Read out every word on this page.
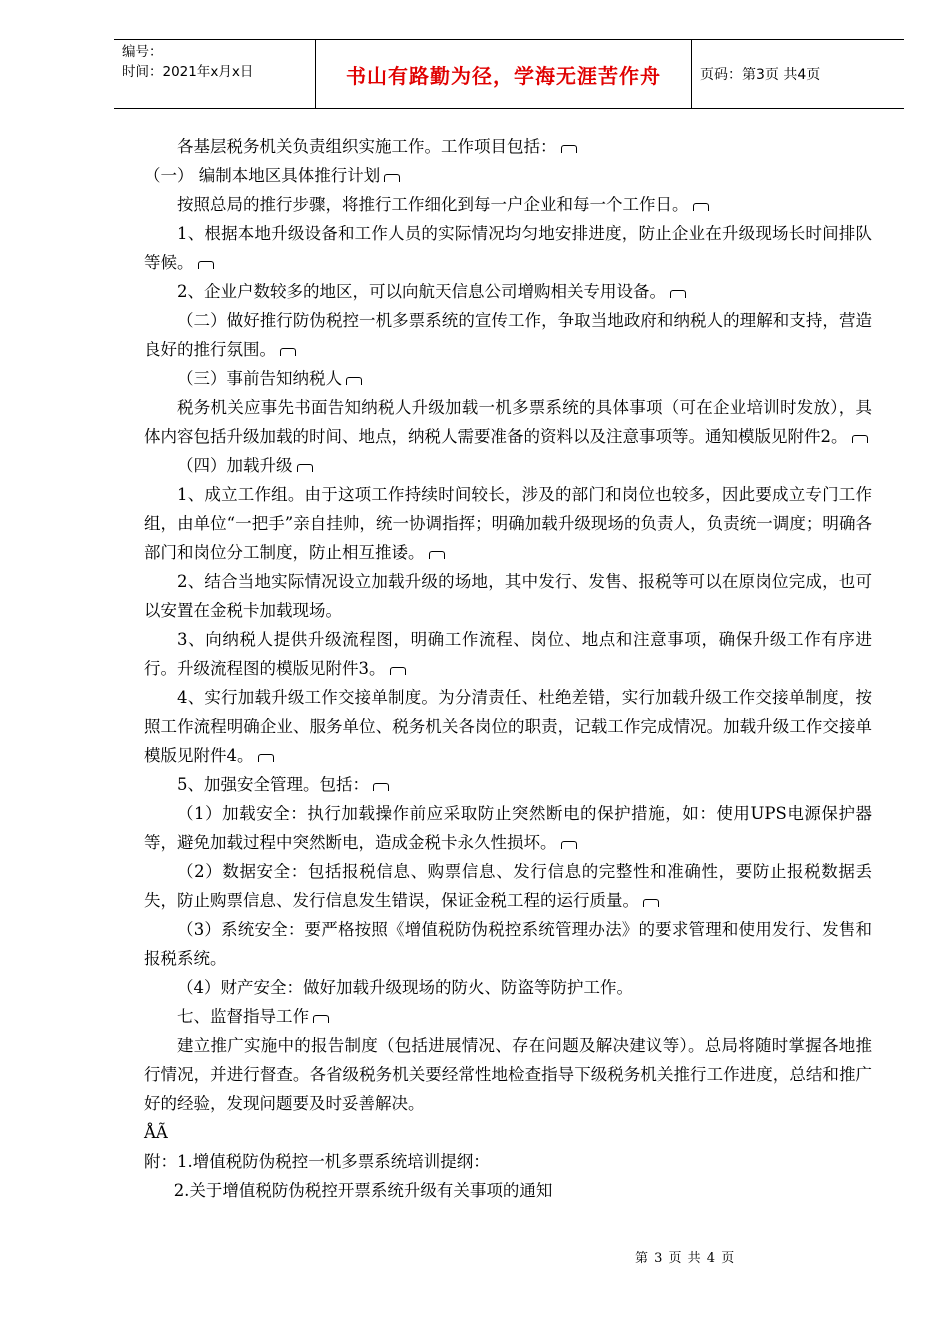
编号：
时间：2021年x月x日	书山有路勤为径，学海无涯苦作舟	页码：第3页 共4页

各基层税务机关负责组织实施工作。工作项目包括：

（一） 编制本地区具体推行计划

按照总局的推行步骤，将推行工作细化到每一户企业和每一个工作日。

1、根据本地升级设备和工作人员的实际情况均匀地安排进度，防止企业在升级现场长时间排队等候。

2、企业户数较多的地区，可以向航天信息公司增购相关专用设备。

（二）做好推行防伪税控一机多票系统的宣传工作，争取当地政府和纳税人的理解和支持，营造良好的推行氛围。

（三）事前告知纳税人

税务机关应事先书面告知纳税人升级加载一机多票系统的具体事项（可在企业培训时发放），具体内容包括升级加载的时间、地点，纳税人需要准备的资料以及注意事项等。通知模版见附件2。

（四）加载升级

1、成立工作组。由于这项工作持续时间较长，涉及的部门和岗位也较多，因此要成立专门工作组，由单位“一把手”亲自挂帅，统一协调指挥；明确加载升级现场的负责人，负责统一调度；明确各部门和岗位分工制度，防止相互推诿。

2、结合当地实际情况设立加载升级的场地，其中发行、发售、报税等可以在原岗位完成，也可以安置在金税卡加载现场。

3、向纳税人提供升级流程图，明确工作流程、岗位、地点和注意事项，确保升级工作有序进行。升级流程图的模版见附件3。

4、实行加载升级工作交接单制度。为分清责任、杜绝差错，实行加载升级工作交接单制度，按照工作流程明确企业、服务单位、税务机关各岗位的职责，记载工作完成情况。加载升级工作交接单模版见附件4。

5、加强安全管理。包括：

（1）加载安全：执行加载操作前应采取防止突然断电的保护措施，如：使用UPS电源保护器等，避免加载过程中突然断电，造成金税卡永久性损坏。

（2）数据安全：包括报税信息、购票信息、发行信息的完整性和准确性，要防止报税数据丢失，防止购票信息、发行信息发生错误，保证金税工程的运行质量。

（3）系统安全：要严格按照《增值税防伪税控系统管理办法》的要求管理和使用发行、发售和报税系统。

（4）财产安全：做好加载升级现场的防火、防盗等防护工作。

七、监督指导工作

建立推广实施中的报告制度（包括进展情况、存在问题及解决建议等）。总局将随时掌握各地推行情况，并进行督查。各省级税务机关要经常性地检查指导下级税务机关推行工作进度，总结和推广好的经验，发现问题要及时妥善解决。

ÅÃ

附：1.增值税防伪税控一机多票系统培训提纲：

2.关于增值税防伪税控开票系统升级有关事项的通知

第 3 页 共 4 页
